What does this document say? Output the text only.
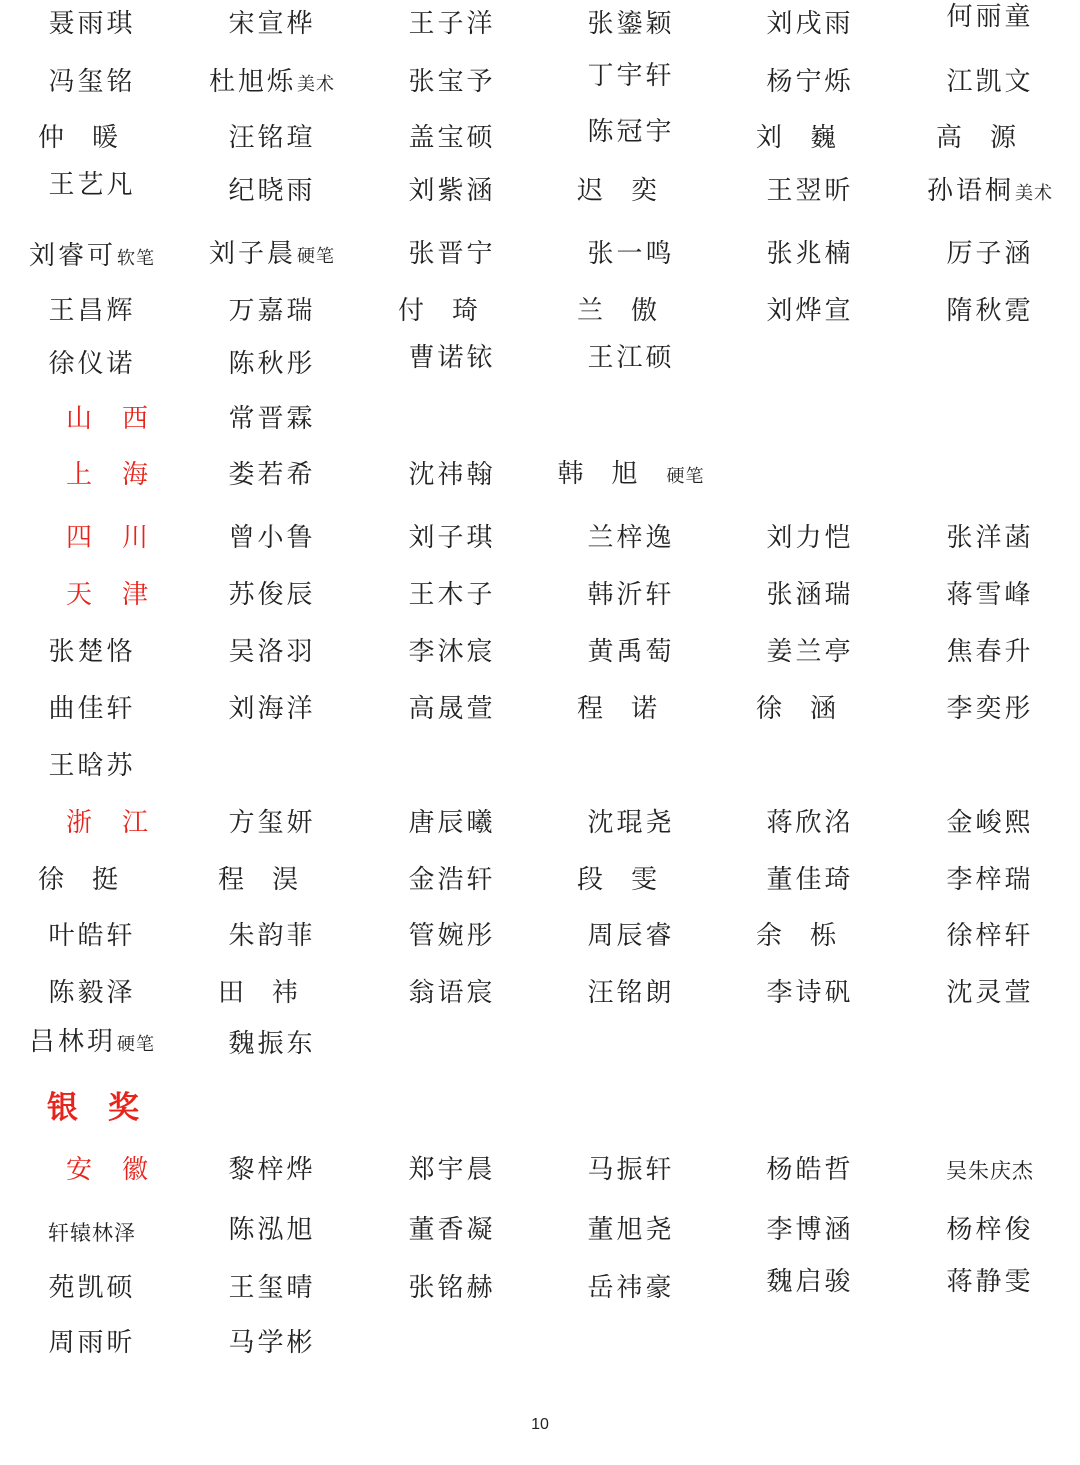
聂雨琪	宋宣桦	王子洋	张鎏颖	刘戌雨	何丽童
冯玺铭	杜旭烁美术	张宝予	丁宇轩	杨宁烁	江凯文
仲暖	汪铭瑄	盖宝硕	陈冠宇	刘巍	高源
王艺凡	纪晓雨	刘紫涵	迟奕	王翌昕	孙语桐美术
刘睿可软笔	刘子晨硬笔	张晋宁	张一鸣	张兆楠	厉子涵
王昌辉	万嘉瑞	付琦	兰傲	刘烨宣	隋秋霓
徐仪诺	陈秋彤	曹诺铱	王江硕
山西	常晋霖
上海	娄若希	沈祎翰	韩旭硬笔
四川	曾小鲁	刘子琪	兰梓逸	刘力恺	张洋菡
天津	苏俊辰	王木子	韩沂轩	张涵瑞	蒋雪峰
张楚恪	吴洛羽	李沐宸	黄禹萄	姜兰亭	焦春升
曲佳轩	刘海洋	高晟萱	程诺	徐涵	李奕彤
王晗苏
浙江	方玺妍	唐辰曦	沈琨尧	蒋欣洺	金峻熙
徐挺	程淏	金浩轩	段雯	董佳琦	李梓瑞
叶皓轩	朱韵菲	管婉彤	周辰睿	余栎	徐梓轩
陈毅泽	田祎	翁语宸	汪铭朗	李诗矾	沈灵萱
吕林玥硬笔	魏振东
安徽	黎梓烨	郑宇晨	马振轩	杨皓哲	吴朱庆杰
轩辕林泽	陈泓旭	董香凝	董旭尧	李博涵	杨梓俊
苑凯硕	王玺晴	张铭赫	岳祎豪	魏启骏	蒋静雯
周雨昕	马学彬
银奖
10
